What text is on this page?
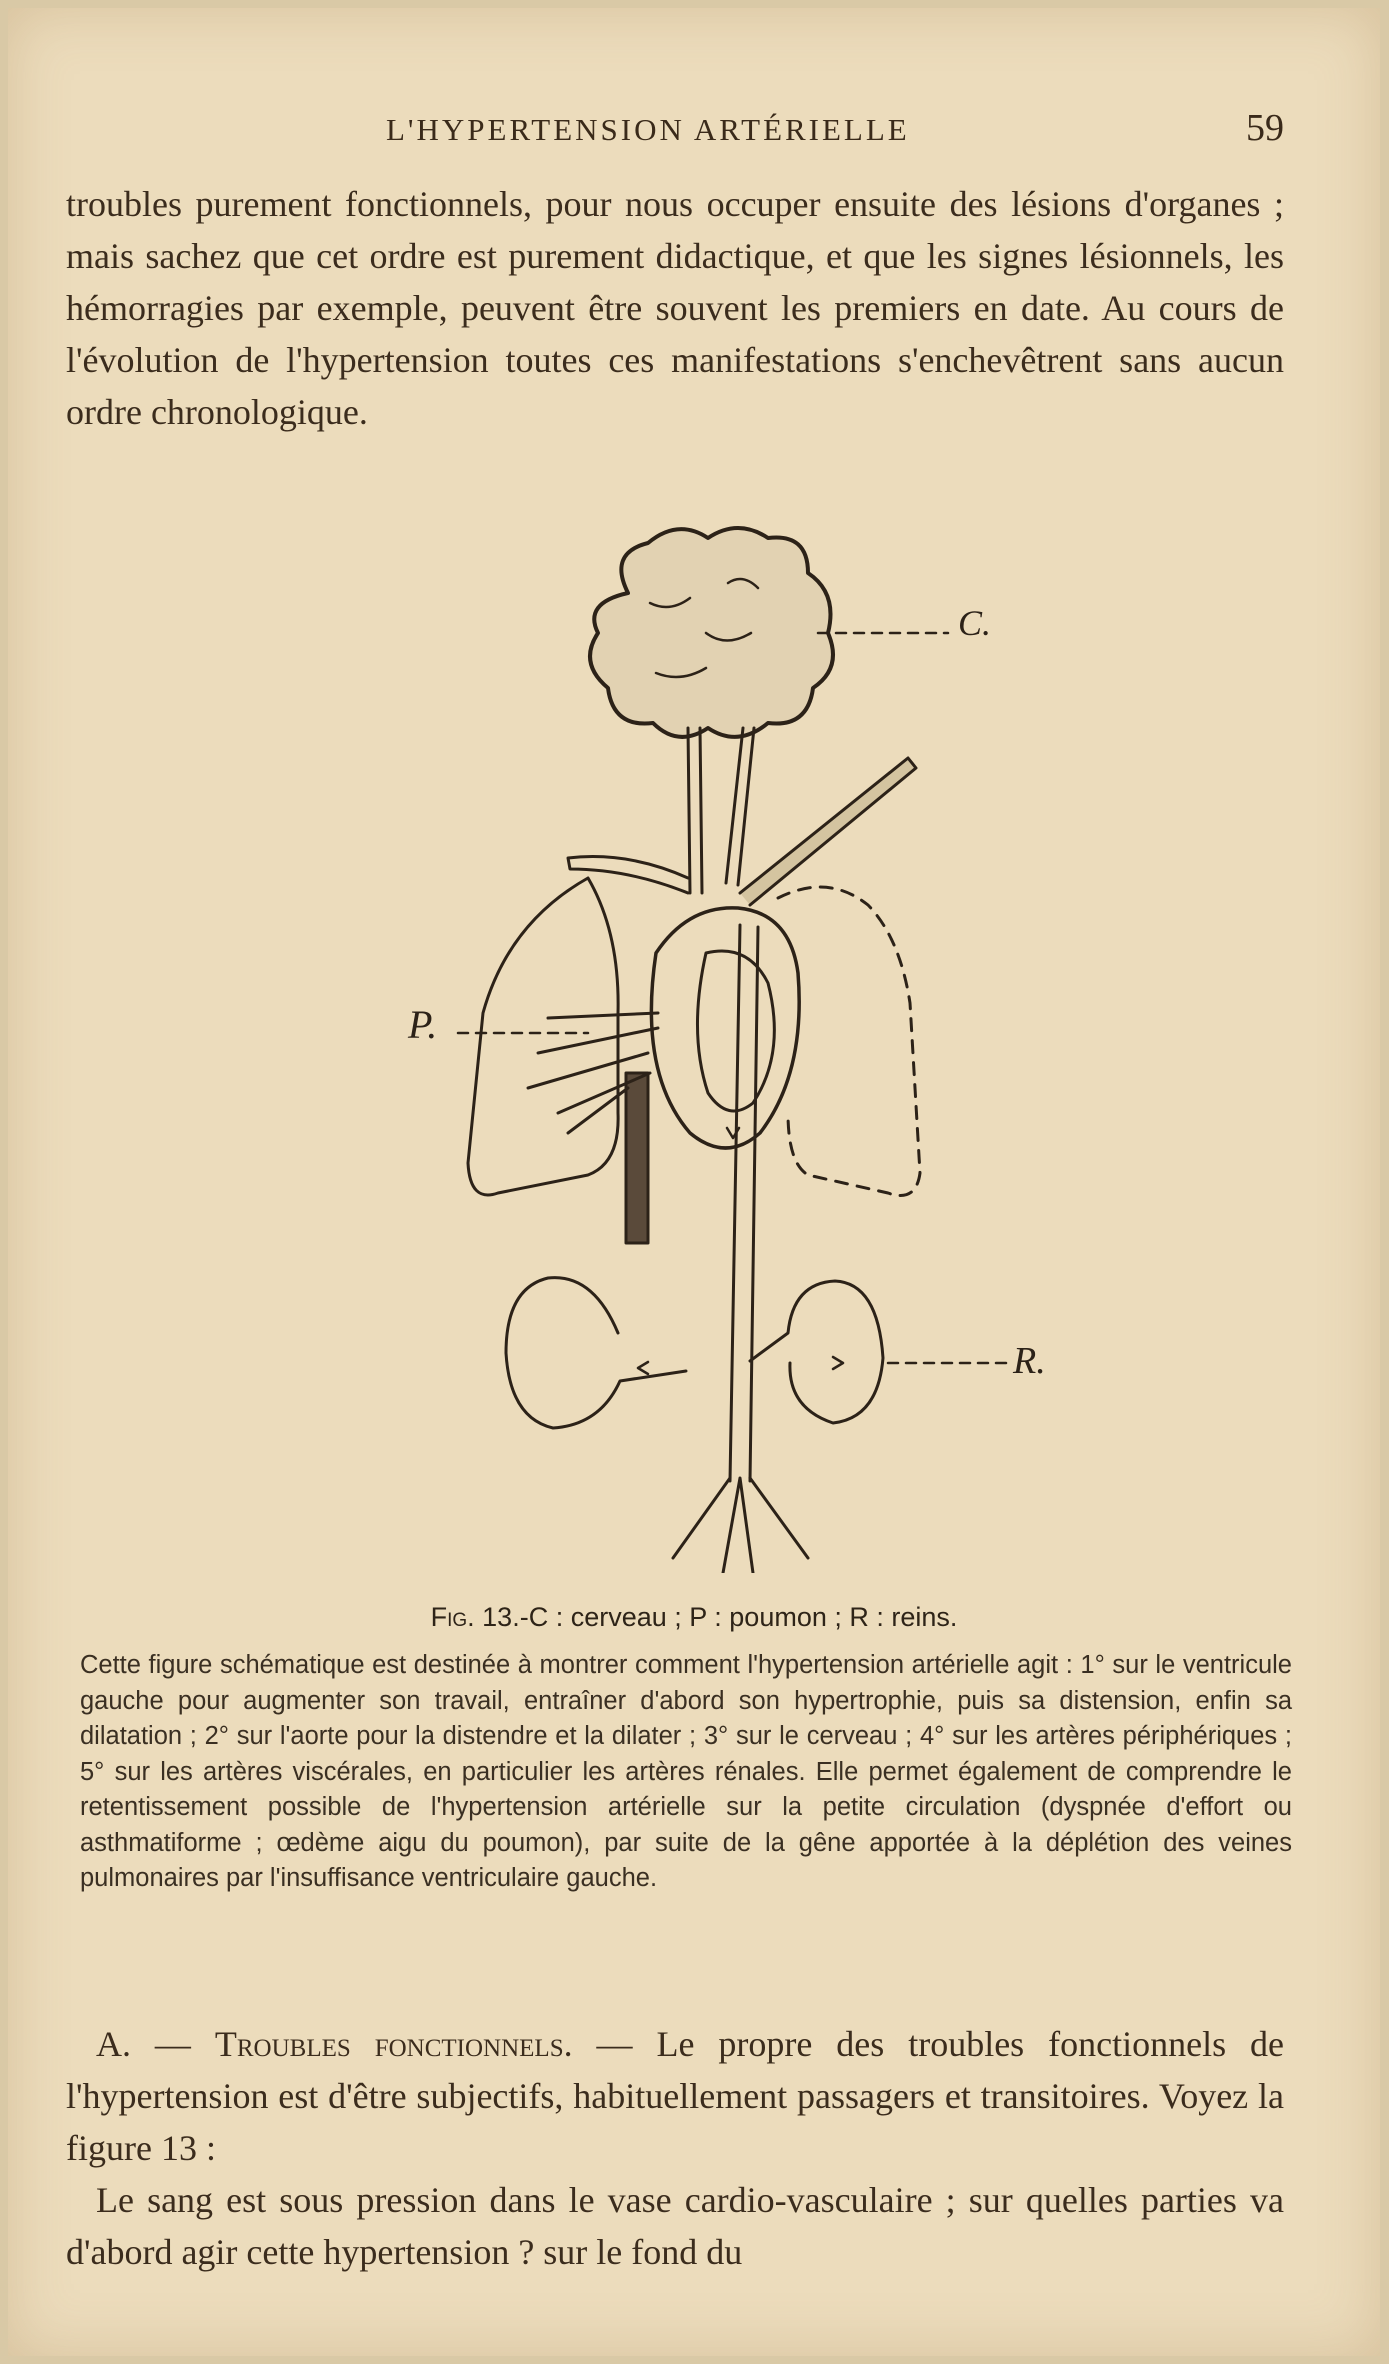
L'HYPERTENSION ARTÉRIELLE	59

troubles purement fonctionnels, pour nous occuper ensuite des lésions d'organes ; mais sachez que cet ordre est purement didactique, et que les signes lésionnels, les hémorragies par exemple, peuvent être souvent les premiers en date. Au cours de l'évolution de l'hypertension toutes ces manifestations s'enchevêtrent sans aucun ordre chronologique.

C.
P.
R.
Fig. 13.-C : cerveau ; P : poumon ; R : reins.

Cette figure schématique est destinée à montrer comment l'hypertension artérielle agit : 1° sur le ventricule gauche pour augmenter son travail, entraîner d'abord son hypertrophie, puis sa distension, enfin sa dilatation ; 2° sur l'aorte pour la distendre et la dilater ; 3° sur le cerveau ; 4° sur les artères périphériques ; 5° sur les artères viscérales, en particulier les artères rénales. Elle permet également de comprendre le retentissement possible de l'hypertension artérielle sur la petite circulation (dyspnée d'effort ou asthmatiforme ; œdème aigu du poumon), par suite de la gêne apportée à la déplétion des veines pulmonaires par l'insuffisance ventriculaire gauche.

A. — Troubles fonctionnels. — Le propre des troubles fonctionnels de l'hypertension est d'être subjectifs, habituellement passagers et transitoires. Voyez la figure 13 :

Le sang est sous pression dans le vase cardio-vasculaire ; sur quelles parties va d'abord agir cette hypertension ? sur le fond du
